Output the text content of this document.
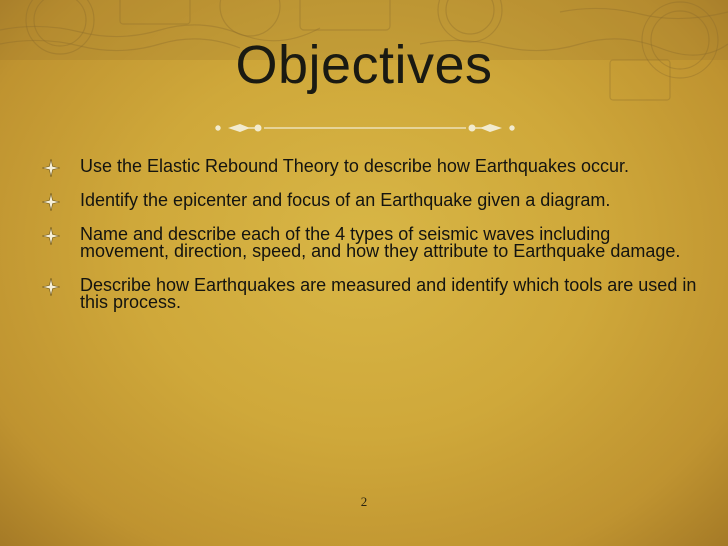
Objectives
Use the Elastic Rebound Theory to describe how Earthquakes occur.
Identify the epicenter and focus of an Earthquake given a diagram.
Name and describe each of the 4 types of seismic waves including movement, direction, speed, and how they attribute to Earthquake damage.
Describe how Earthquakes are measured and identify which tools are used in this process.
2
